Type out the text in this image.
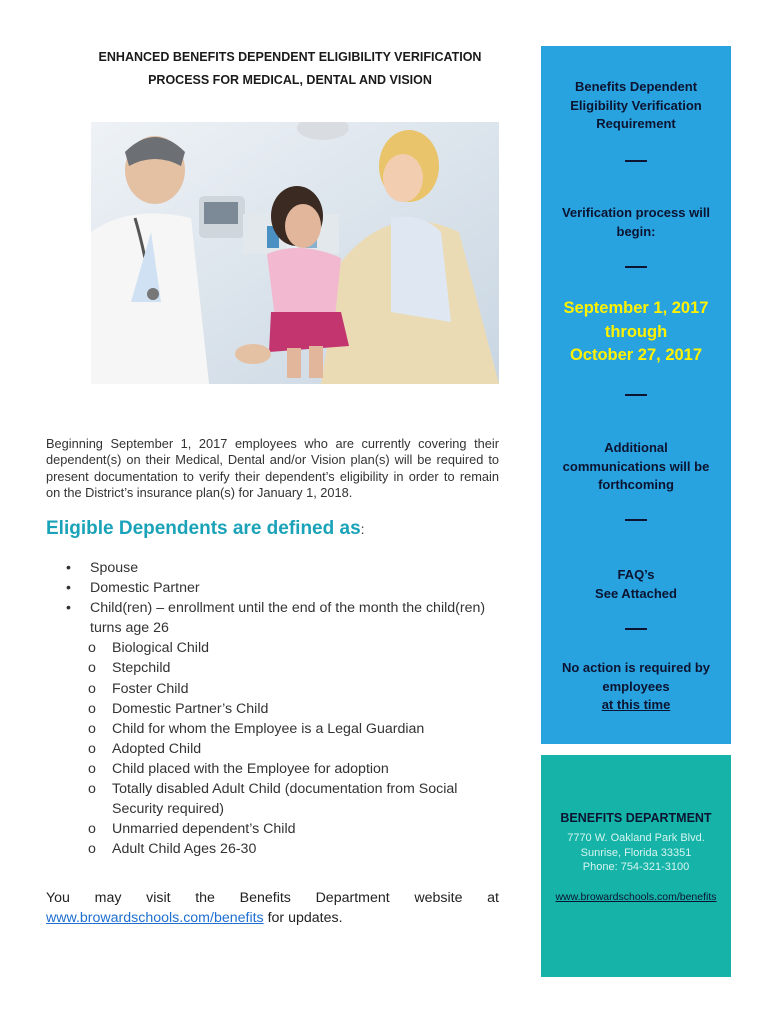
ENHANCED BENEFITS DEPENDENT ELIGIBILITY VERIFICATION
PROCESS FOR MEDICAL, DENTAL AND VISION
Beginning September 1, 2017 employees who are currently covering their dependent(s) on their Medical, Dental and/or Vision plan(s) will be required to present documentation to verify their dependent’s eligibility in order to remain on the District’s insurance plan(s) for January 1, 2018.
Eligible Dependents are defined as:
• Spouse
• Domestic Partner
• Child(ren) – enrollment until the end of the month the child(ren) turns age 26
o Biological Child
o Stepchild
o Foster Child
o Domestic Partner’s Child
o Child for whom the Employee is a Legal Guardian
o Adopted Child
o Child placed with the Employee for adoption
o Totally disabled Adult Child (documentation from Social Security required)
o Unmarried dependent’s Child
o Adult Child Ages 26-30
You may visit the Benefits Department website at
www.browardschools.com/benefits for updates.
Benefits Dependent Eligibility Verification Requirement
Verification process will begin:
September 1, 2017
through
October 27, 2017
Additional communications will be forthcoming
FAQ’s
See Attached
No action is required by employees
at this time
BENEFITS DEPARTMENT
7770 W. Oakland Park Blvd.
Sunrise, Florida 33351
Phone: 754-321-3100
www.browardschools.com/benefits
